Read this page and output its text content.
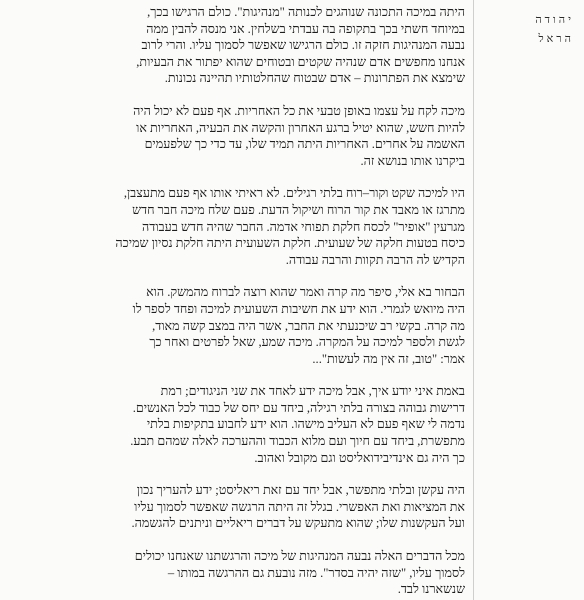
היתה במיכה התכונה שנוהגים לכנותה "מנהיגות". כולם הרגישו בכך,
במיוחד חשתי בכך בתקופה בה עבדתי בשלחין. אני מנסה להבין ממה
נבעה המנהיגות חזקה זו. כולם הרגישו שאפשר לסמוך עליו. והרי לרוב
אנחנו מחפשים אדם שנהיה שקטים ובטוחים שהוא יפתור את הבעיות,
שימצא את הפתרונות – אדם שבטוח שהחלטותיו תהיינה נכונות.

מיכה לקח על עצמו באופן טבעי את כל האחריות. אף פעם לא יכול היה
להיות חשש, שהוא יטיל ברגע האחרון והקשה את הבעיה, האחריות או
האשמה על אחרים. האחריות היתה תמיד שלו, עד כדי כך שלפעמים
ביקרנו אותו בנושא זה.

היו למיכה שקט וקור–רוח בלתי רגילים. לא ראיתי אותו אף פעם מתעצבן,
מתרגז או מאבד את קור הרוח ושיקול הדעת. פעם שלח מיכה חבר חדש
מגרעין "אופיר" לכסח חלקת תפוחי אדמה. החבר שהיה חדש בעבודה
כיסח בטעות חלקה של שעועית. חלקת השעועית היתה חלקת נסיון שמיכה
הקדיש לה הרבה תקוות והרבה עבודה.

הבחור בא אלי, סיפר מה קרה ואמר שהוא רוצה לברוח מהמשק. הוא
היה מיואש לגמרי. הוא ידע את חשיבות השעועית למיכה ופחד לספר לו
מה קרה. בקשי רב שיכנעתי את החבר, אשר היה במצב קשה מאוד,
לגשת ולספר למיכה על המקרה. מיכה שמע, שאל לפרטים ואחר כך
אמר: "טוב, זה אין מה לעשות"...

באמת איני יודע איך, אבל מיכה ידע לאחד את שני הניגודים; רמת
דרישות גבוהה בצורה בלתי רגילה, ביחד עם יחס של כבוד לכל האנשים.
נדמה לי שאף פעם לא העליב מישהו. הוא ידע לחבוע בתקיפות בלתי
מתפשרת, ביחד עם חיוך ועם מלוא הכבוד וההערכה לאלה שמהם תבע.
כך היה גם אינדיבידואליסט וגם מקובל ואהוב.

היה עקשן ובלתי מתפשר, אבל יחד עם זאת ריאליסט; ידע להעריך נכון
את המציאות ואת האפשרי. בגלל זה היתה הרגשה שאפשר לסמוך עליו
ועל העקשנות שלו; שהוא מתעקש על דברים ריאליים וניתנים להגשמה.

מכל הדברים האלה נבעה המנהיגות של מיכה והרגשתנו שאנחנו יכולים
לסמוך עליו, "שזה יהיה בסדר". מזה נובעת גם ההרגשה במותו –
שנשארנו לבד.

יהודה
הראל
